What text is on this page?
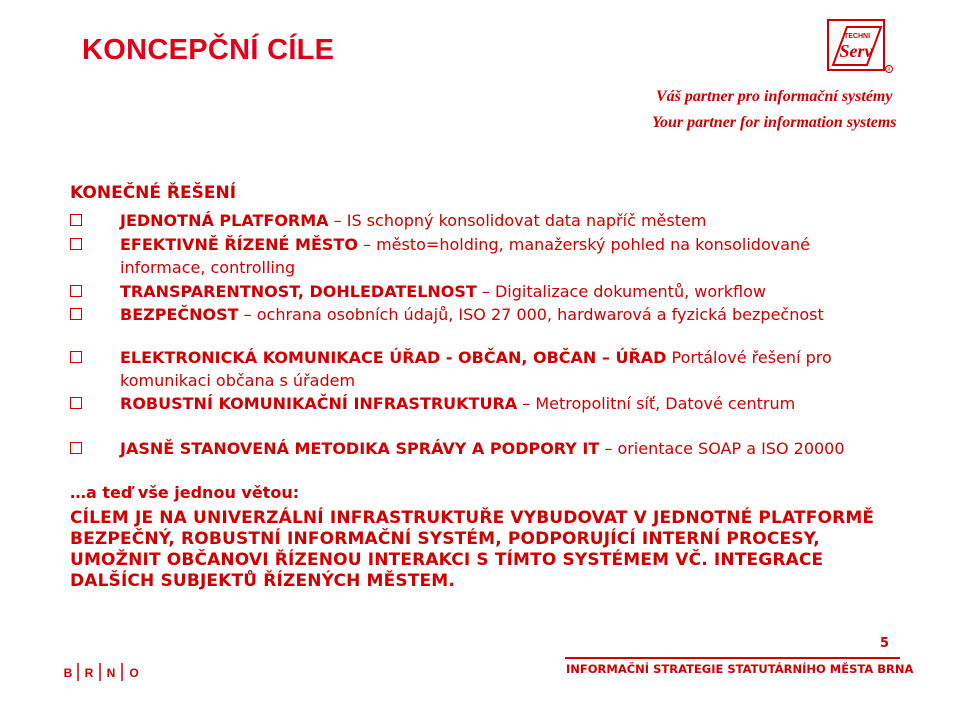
KONCEPČNÍ CÍLE	TECHNI
Serv
R
Váš partner pro informační systémy
Your partner for information systems
KONEČNÉ ŘEŠENÍ
JEDNOTNÁ PLATFORMA – IS schopný konsolidovat data napříč městem
EFEKTIVNĚ ŘÍZENÉ MĚSTO – město=holding, manažerský pohled na konsolidované informace, controlling
TRANSPARENTNOST, DOHLEDATELNOST – Digitalizace dokumentů, workflow
BEZPEČNOST – ochrana osobních údajů, ISO 27 000, hardwarová a fyzická bezpečnost
ELEKTRONICKÁ KOMUNIKACE ÚŘAD - OBČAN, OBČAN – ÚŘAD Portálové řešení pro komunikaci občana s úřadem
ROBUSTNÍ KOMUNIKAČNÍ INFRASTRUKTURA – Metropolitní síť, Datové centrum
JASNĚ STANOVENÁ METODIKA SPRÁVY A PODPORY IT – orientace SOAP a ISO 20000
…a teď vše jednou větou:
CÍLEM JE NA UNIVERZÁLNÍ INFRASTRUKTUŘE VYBUDOVAT V JEDNOTNÉ PLATFORMĚ BEZPEČNÝ, ROBUSTNÍ INFORMAČNÍ SYSTÉM, PODPORUJÍCÍ INTERNÍ PROCESY, UMOŽNIT OBČANOVI ŘÍZENOU INTERAKCI S TÍMTO SYSTÉMEM VČ. INTEGRACE DALŠÍCH SUBJEKTŮ ŘÍZENÝCH MĚSTEM.
B R N O
5
INFORMAČNÍ STRATEGIE STATUTÁRNÍHO MĚSTA BRNA
